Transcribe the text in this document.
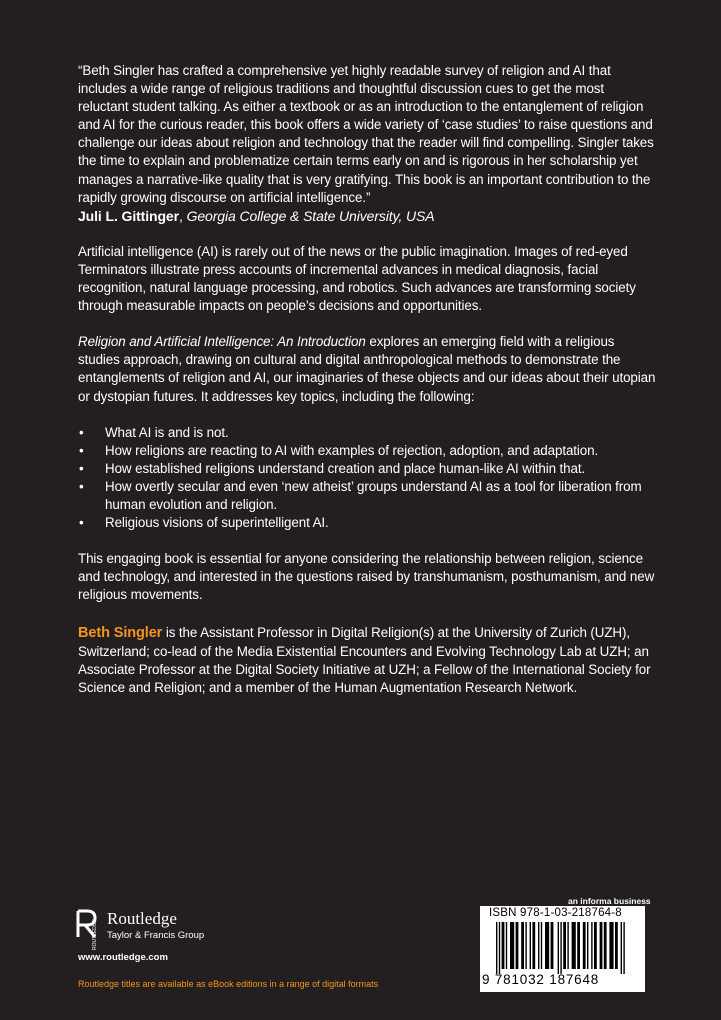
“Beth Singler has crafted a comprehensive yet highly readable survey of religion and AI that includes a wide range of religious traditions and thoughtful discussion cues to get the most reluctant student talking. As either a textbook or as an introduction to the entanglement of religion and AI for the curious reader, this book offers a wide variety of ‘case studies’ to raise questions and challenge our ideas about religion and technology that the reader will find compelling. Singler takes the time to explain and problematize certain terms early on and is rigorous in her scholarship yet manages a narrative-like quality that is very gratifying. This book is an important contribution to the rapidly growing discourse on artificial intelligence.”

Juli L. Gittinger, Georgia College & State University, USA

Artificial intelligence (AI) is rarely out of the news or the public imagination. Images of red-eyed Terminators illustrate press accounts of incremental advances in medical diagnosis, facial recognition, natural language processing, and robotics. Such advances are transforming society through measurable impacts on people’s decisions and opportunities.

Religion and Artificial Intelligence: An Introduction explores an emerging field with a religious studies approach, drawing on cultural and digital anthropological methods to demonstrate the entanglements of religion and AI, our imaginaries of these objects and our ideas about their utopian or dystopian futures. It addresses key topics, including the following:

• What AI is and is not.
• How religions are reacting to AI with examples of rejection, adoption, and adaptation.
• How established religions understand creation and place human-like AI within that.
• How overtly secular and even ‘new atheist’ groups understand AI as a tool for liberation from human evolution and religion.
• Religious visions of superintelligent AI.

This engaging book is essential for anyone considering the relationship between religion, science and technology, and interested in the questions raised by transhumanism, posthumanism, and new religious movements.

Beth Singler is the Assistant Professor in Digital Religion(s) at the University of Zurich (UZH), Switzerland; co-lead of the Media Existential Encounters and Evolving Technology Lab at UZH; an Associate Professor at the Digital Society Initiative at UZH; a Fellow of the International Society for Science and Religion; and a member of the Human Augmentation Research Network.

ROUTLEDGE
Routledge
Taylor & Francis Group
www.routledge.com
Routledge titles are available as eBook editions in a range of digital formats
an informa business
ISBN 978-1-03-218764-8
9 781032 187648
